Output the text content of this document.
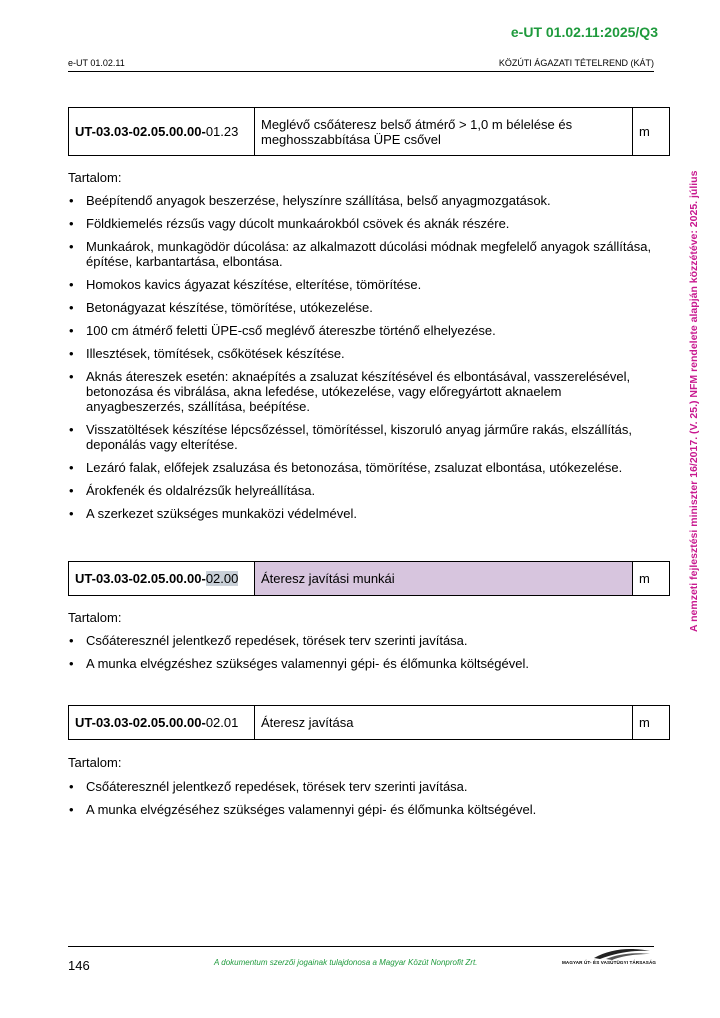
e-UT 01.02.11:2025/Q3
e-UT 01.02.11	KÖZÚTI ÁGAZATI TÉTELREND (KÁT)
A nemzeti fejlesztési miniszter 16/2017. (V. 25.) NFM rendelete alapján közzétéve: 2025. július
UT-03.03-02.05.00.00-01.23	Meglévő csőáteresz belső átmérő > 1,0 m bélelése és meghosszabbítása ÜPE csővel	m
Tartalom:
• Beépítendő anyagok beszerzése, helyszínre szállítása, belső anyagmozgatások.
• Földkiemelés rézsűs vagy dúcolt munkaárokból csövek és aknák részére.
• Munkaárok, munkagödör dúcolása: az alkalmazott dúcolási módnak megfelelő anyagok szállítása, építése, karbantartása, elbontása.
• Homokos kavics ágyazat készítése, elterítése, tömörítése.
• Betonágyazat készítése, tömörítése, utókezelése.
• 100 cm átmérő feletti ÜPE-cső meglévő átereszbe történő elhelyezése.
• Illesztések, tömítések, csőkötések készítése.
• Aknás átereszek esetén: aknaépítés a zsaluzat készítésével és elbontásával, vasszerelésével, betonozása és vibrálása, akna lefedése, utókezelése, vagy előregyártott aknaelem anyagbeszerzés, szállítása, beépítése.
• Visszatöltések készítése lépcsőzéssel, tömörítéssel, kiszoruló anyag járműre rakás, elszállítás, deponálás vagy elterítése.
• Lezáró falak, előfejek zsaluzása és betonozása, tömörítése, zsaluzat elbontása, utókezelése.
• Árokfenék és oldalrézsűk helyreállítása.
• A szerkezet szükséges munkaközi védelmével.
UT-03.03-02.05.00.00-02.00	Áteresz javítási munkái	m
Tartalom:
• Csőáteresznél jelentkező repedések, törések terv szerinti javítása.
• A munka elvégzéshez szükséges valamennyi gépi- és élőmunka költségével.
UT-03.03-02.05.00.00-02.01	Áteresz javítása	m
Tartalom:
• Csőáteresznél jelentkező repedések, törések terv szerinti javítása.
• A munka elvégzéséhez szükséges valamennyi gépi- és élőmunka költségével.
146	A dokumentum szerzői jogainak tulajdonosa a Magyar Közút Nonprofit Zrt.	MAGYAR ÚT- ÉS VASÚTÜGYI TÁRSASÁG
